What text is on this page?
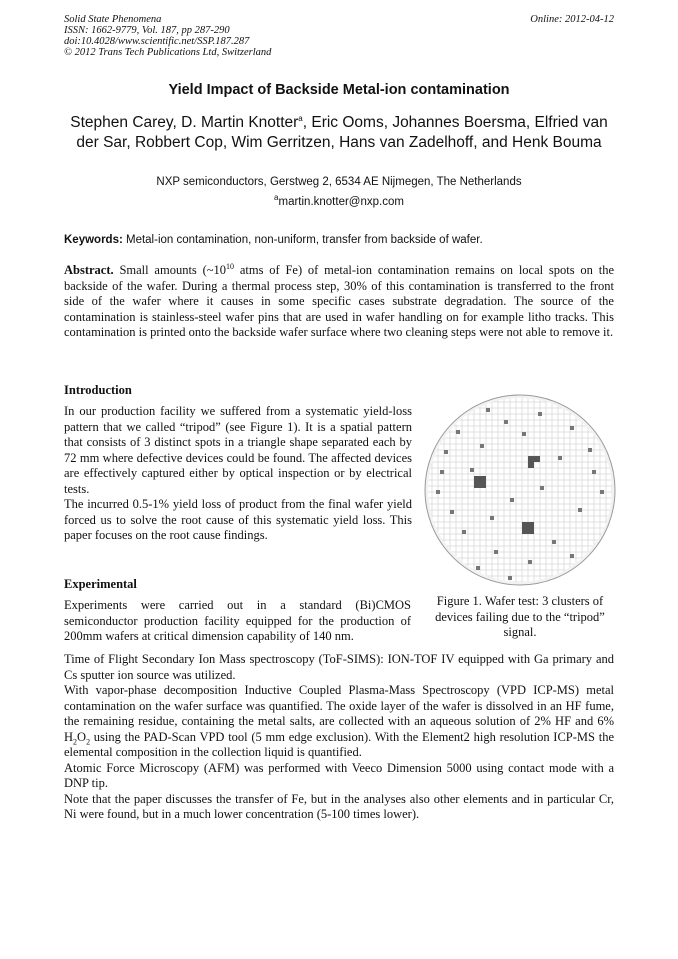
Solid State Phenomena
ISSN: 1662-9779, Vol. 187, pp 287-290
doi:10.4028/www.scientific.net/SSP.187.287
© 2012 Trans Tech Publications Ltd, Switzerland
Online: 2012-04-12
Yield Impact of Backside Metal-ion contamination
Stephen Carey, D. Martin Knotter$^a$, Eric Ooms, Johannes Boersma, Elfried van der Sar, Robbert Cop, Wim Gerritzen, Hans van Zadelhoff, and Henk Bouma
NXP semiconductors, Gerstweg 2, 6534 AE Nijmegen, The Netherlands
$^a$martin.knotter@nxp.com
Keywords: Metal-ion contamination, non-uniform, transfer from backside of wafer.
Abstract. Small amounts ($\sim 10^{10}$ atms of Fe) of metal-ion contamination remains on local spots on the backside of the wafer. During a thermal process step, 30% of this contamination is transferred to the front side of the wafer where it causes in some specific cases substrate degradation. The source of the contamination is stainless-steel wafer pins that are used in wafer handling on for example litho tracks. This contamination is printed onto the backside wafer surface where two cleaning steps were not able to remove it.
Introduction

In our production facility we suffered from a systematic yield-loss pattern that we called “tripod” (see Figure 1). It is a spatial pattern that consists of 3 distinct spots in a triangle shape separated each by 72 mm where defective devices could be found. The affected devices are effectively captured either by optical inspection or by electrical tests.

The incurred 0.5-1% yield loss of product from the final wafer yield forced us to solve the root cause of this systematic yield loss. This paper focuses on the root cause findings.

Figure 1. Wafer test: 3 clusters of devices failing due to the “tripod” signal.
Experimental
Experiments were carried out in a standard (Bi)CMOS semiconductor production facility equipped for the production of 200mm wafers at critical dimension capability of 140 nm.

Time of Flight Secondary Ion Mass spectroscopy (ToF-SIMS): ION-TOF IV equipped with Ga primary and Cs sputter ion source was utilized.

With vapor-phase decomposition Inductive Coupled Plasma-Mass Spectroscopy (VPD ICP-MS) metal contamination on the wafer surface was quantified. The oxide layer of the wafer is dissolved in an HF fume, the remaining residue, containing the metal salts, are collected with an aqueous solution of 2% HF and 6% $H_2O_2$ using the PAD-Scan VPD tool (5 mm edge exclusion). With the Element2 high resolution ICP-MS the elemental composition in the collection liquid is quantified.

Atomic Force Microscopy (AFM) was performed with Veeco Dimension 5000 using contact mode with a DNP tip.

Note that the paper discusses the transfer of Fe, but in the analyses also other elements and in particular Cr, Ni were found, but in a much lower concentration (5-100 times lower).
